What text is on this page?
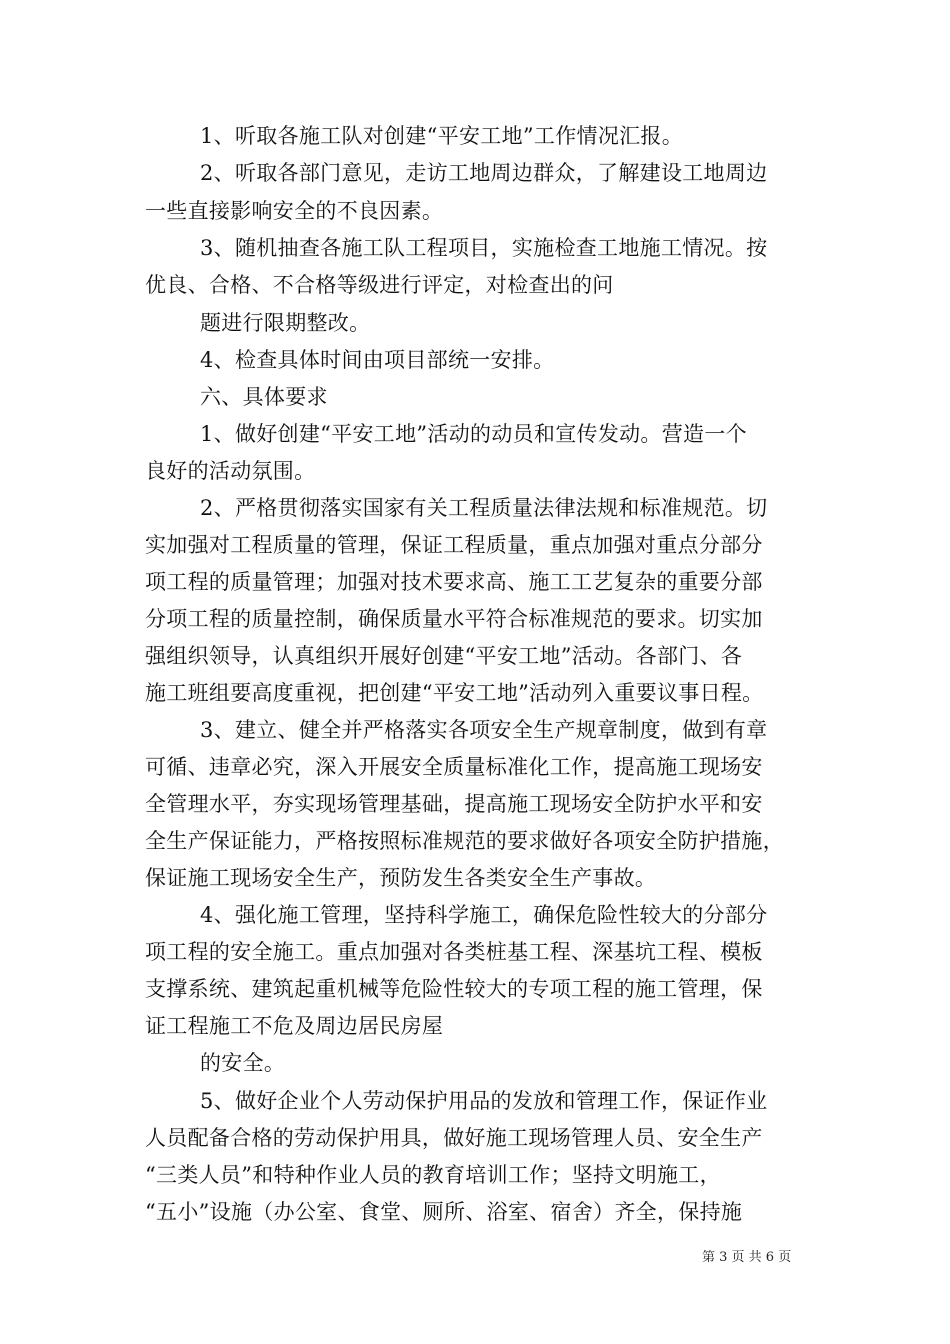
1、听取各施工队对创建“平安工地”工作情况汇报。
2、听取各部门意见，走访工地周边群众，了解建设工地周边
一些直接影响安全的不良因素。
3、随机抽查各施工队工程项目，实施检查工地施工情况。按
优良、合格、不合格等级进行评定，对检查出的问
题进行限期整改。
4、检查具体时间由项目部统一安排。
六、具体要求
1、做好创建“平安工地”活动的动员和宣传发动。营造一个
良好的活动氛围。
2、严格贯彻落实国家有关工程质量法律法规和标准规范。切
实加强对工程质量的管理，保证工程质量，重点加强对重点分部分
项工程的质量管理；加强对技术要求高、施工工艺复杂的重要分部
分项工程的质量控制，确保质量水平符合标准规范的要求。切实加
强组织领导，认真组织开展好创建“平安工地”活动。各部门、各
施工班组要高度重视，把创建“平安工地”活动列入重要议事日程。
3、建立、健全并严格落实各项安全生产规章制度，做到有章
可循、违章必究，深入开展安全质量标准化工作，提高施工现场安
全管理水平，夯实现场管理基础，提高施工现场安全防护水平和安
全生产保证能力，严格按照标准规范的要求做好各项安全防护措施，
保证施工现场安全生产，预防发生各类安全生产事故。
4、强化施工管理，坚持科学施工，确保危险性较大的分部分
项工程的安全施工。重点加强对各类桩基工程、深基坑工程、模板
支撑系统、建筑起重机械等危险性较大的专项工程的施工管理，保
证工程施工不危及周边居民房屋
的安全。
5、做好企业个人劳动保护用品的发放和管理工作，保证作业
人员配备合格的劳动保护用具，做好施工现场管理人员、安全生产
“三类人员”和特种作业人员的教育培训工作；坚持文明施工，
“五小”设施（办公室、食堂、厕所、浴室、宿舍）齐全，保持施
第 3 页 共 6 页
